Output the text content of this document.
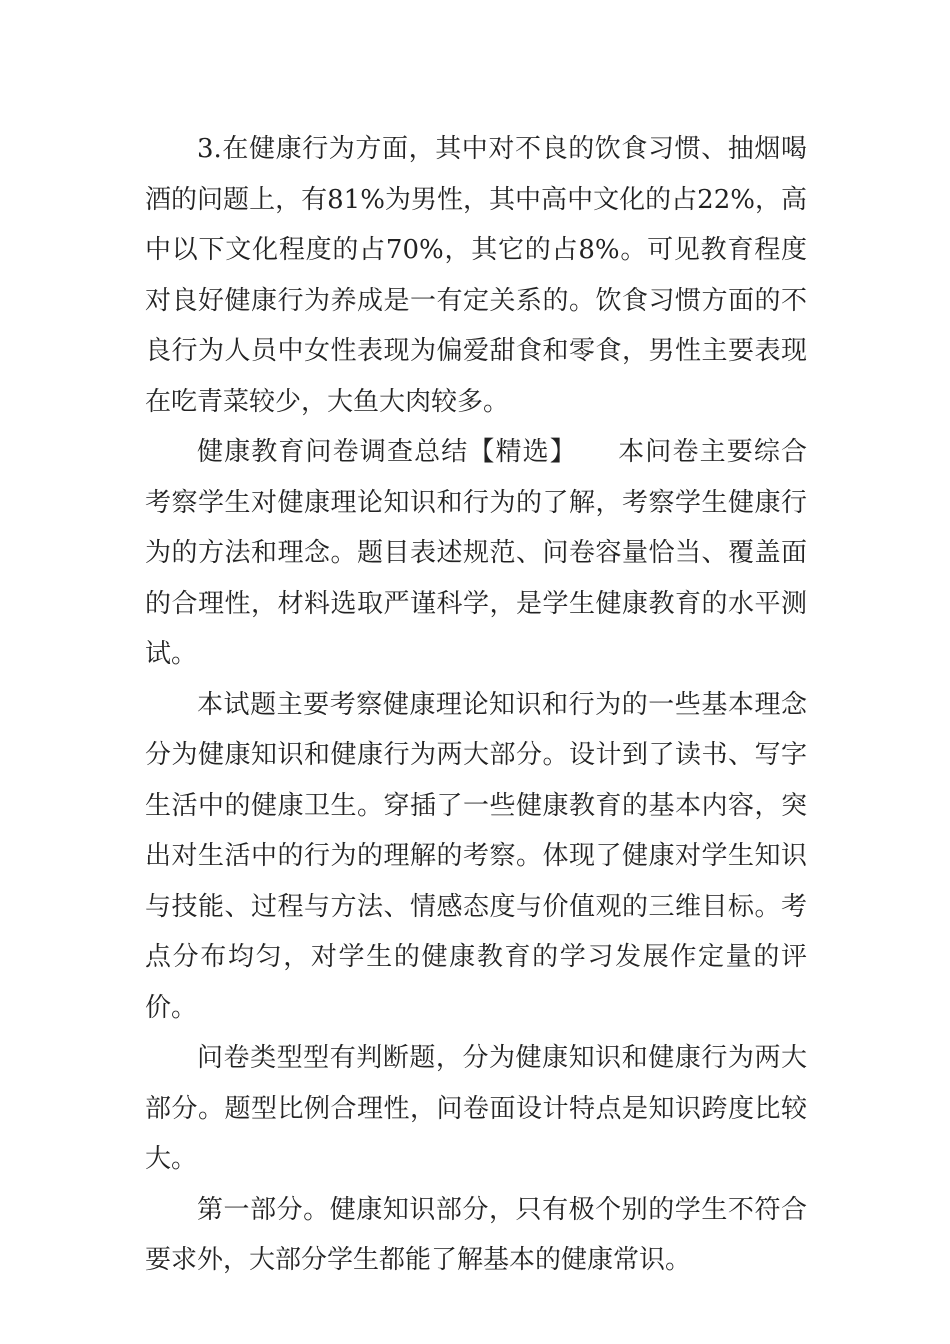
3.在健康行为方面，其中对不良的饮食习惯、抽烟喝酒的问题上，有81%为男性，其中高中文化的占22%，高中以下文化程度的占70%，其它的占8%。可见教育程度对良好健康行为养成是一有定关系的。饮食习惯方面的不良行为人员中女性表现为偏爱甜食和零食，男性主要表现在吃青菜较少，大鱼大肉较多。

健康教育问卷调查总结【精选】　　本问卷主要综合考察学生对健康理论知识和行为的了解，考察学生健康行为的方法和理念。题目表述规范、问卷容量恰当、覆盖面的合理性，材料选取严谨科学，是学生健康教育的水平测试。

本试题主要考察健康理论知识和行为的一些基本理念分为健康知识和健康行为两大部分。设计到了读书、写字生活中的健康卫生。穿插了一些健康教育的基本内容，突出对生活中的行为的理解的考察。体现了健康对学生知识与技能、过程与方法、情感态度与价值观的三维目标。考点分布均匀，对学生的健康教育的学习发展作定量的评价。

问卷类型型有判断题，分为健康知识和健康行为两大部分。题型比例合理性，问卷面设计特点是知识跨度比较大。

第一部分。健康知识部分，只有极个别的学生不符合要求外，大部分学生都能了解基本的健康常识。
